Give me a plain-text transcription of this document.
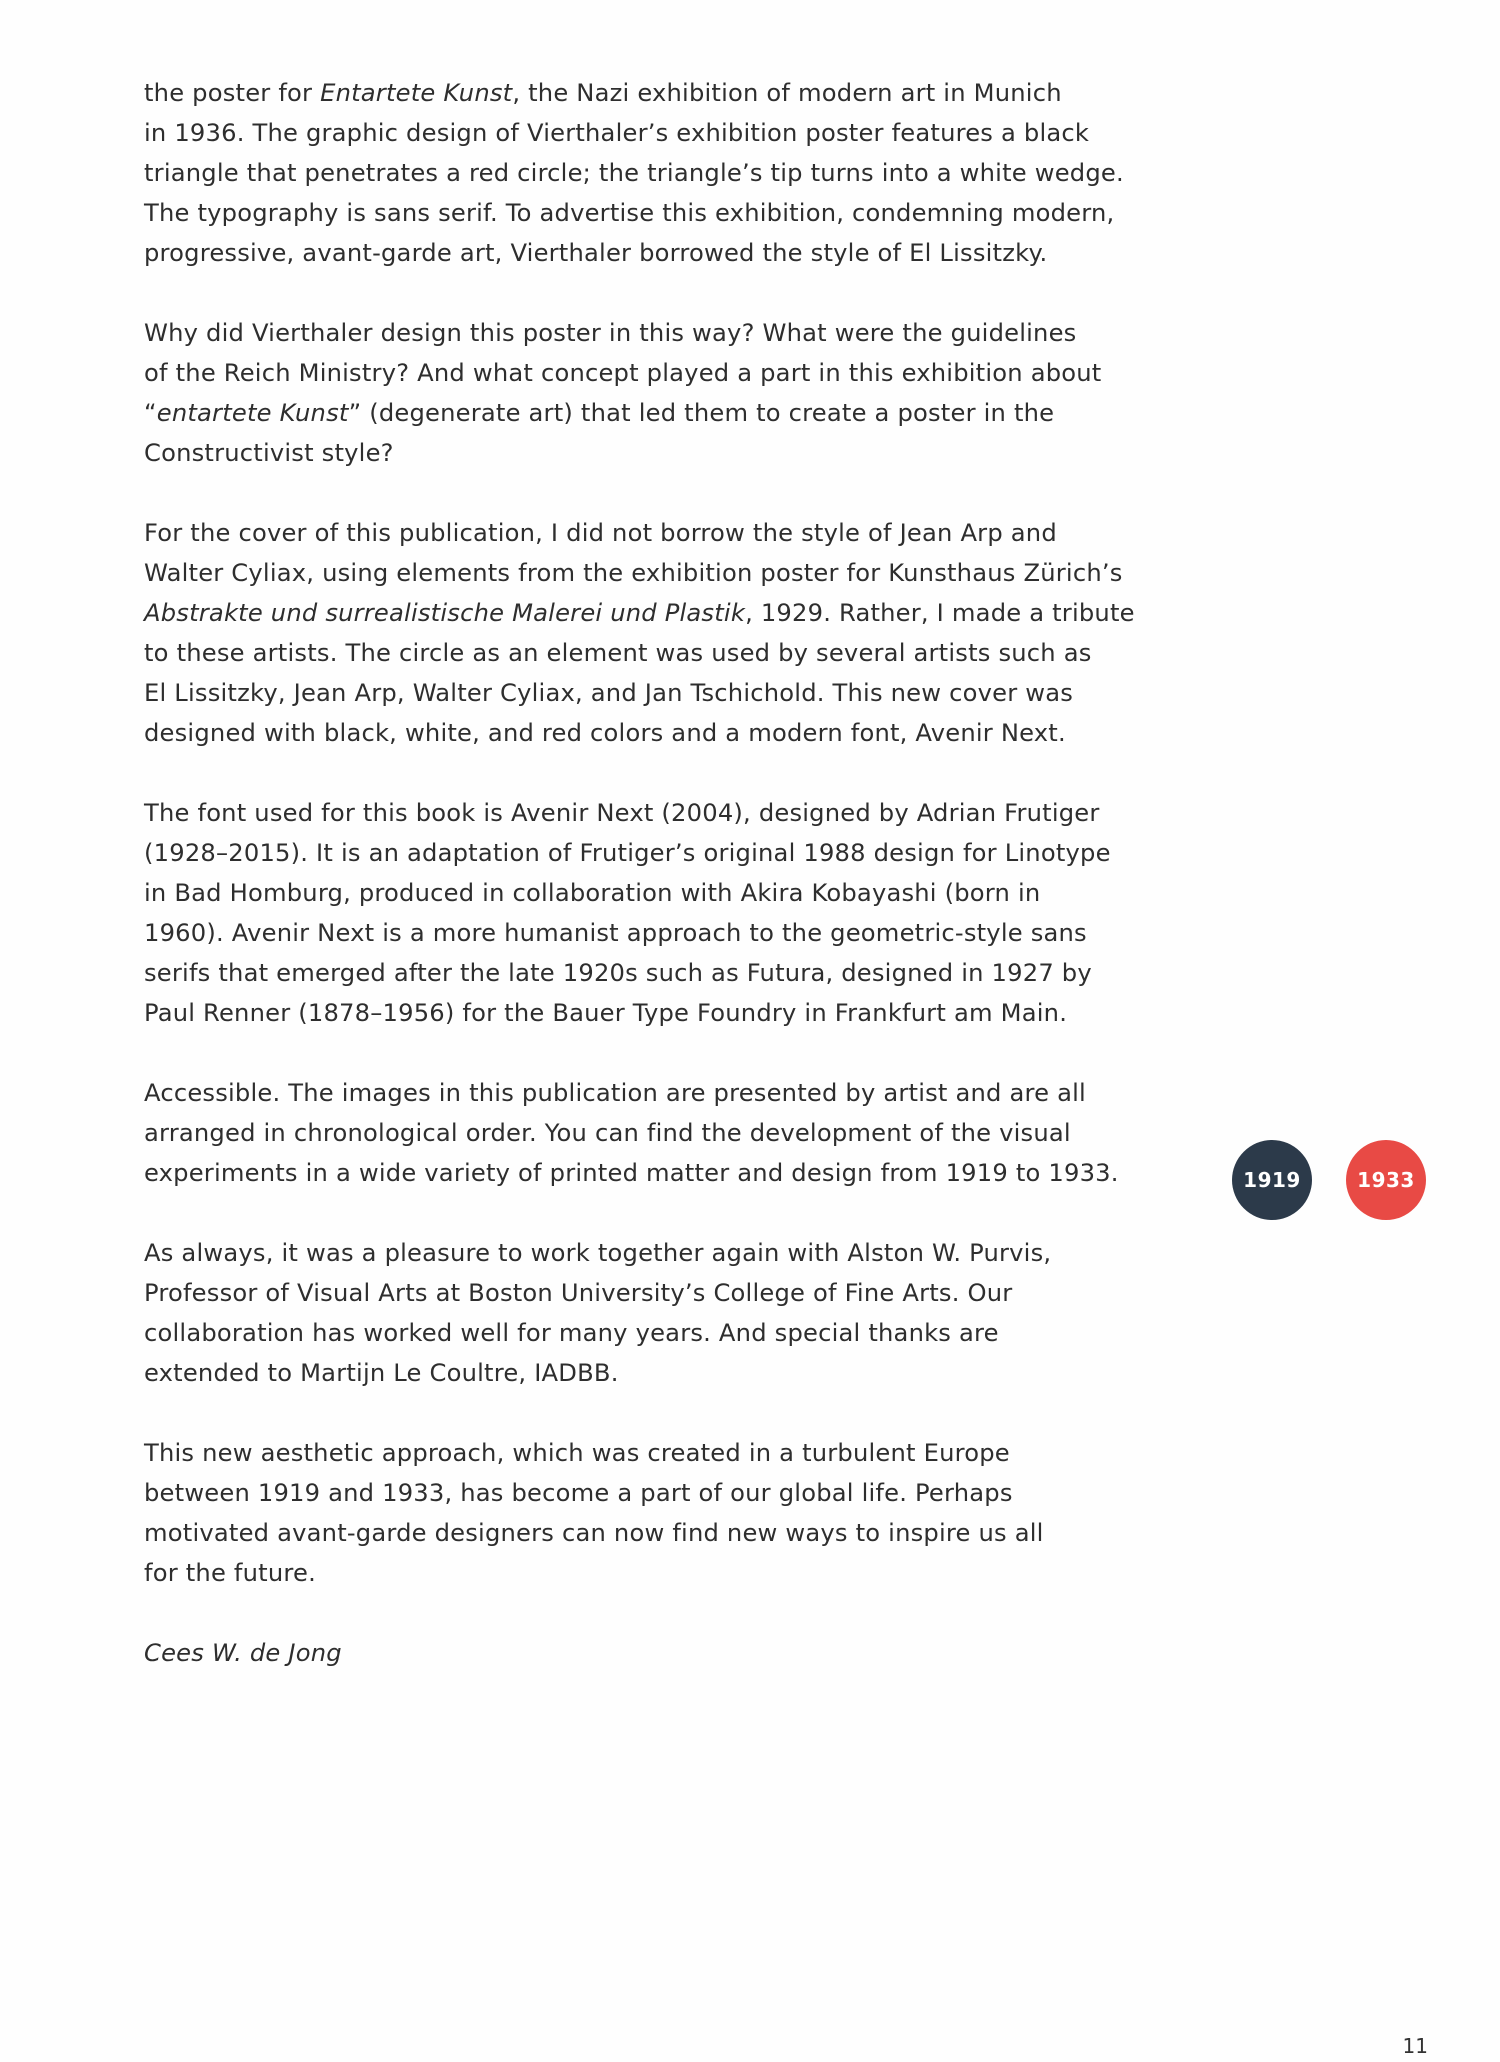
the poster for Entartete Kunst, the Nazi exhibition of modern art in Munich
in 1936. The graphic design of Vierthaler’s exhibition poster features a black
triangle that penetrates a red circle; the triangle’s tip turns into a white wedge.
The typography is sans serif. To advertise this exhibition, condemning modern,
progressive, avant-garde art, Vierthaler borrowed the style of El Lissitzky.

Why did Vierthaler design this poster in this way? What were the guidelines
of the Reich Ministry? And what concept played a part in this exhibition about
“entartete Kunst” (degenerate art) that led them to create a poster in the
Constructivist style?

For the cover of this publication, I did not borrow the style of Jean Arp and
Walter Cyliax, using elements from the exhibition poster for Kunsthaus Zürich’s
Abstrakte und surrealistische Malerei und Plastik, 1929. Rather, I made a tribute
to these artists. The circle as an element was used by several artists such as
El Lissitzky, Jean Arp, Walter Cyliax, and Jan Tschichold. This new cover was
designed with black, white, and red colors and a modern font, Avenir Next.

The font used for this book is Avenir Next (2004), designed by Adrian Frutiger
(1928–2015). It is an adaptation of Frutiger’s original 1988 design for Linotype
in Bad Homburg, produced in collaboration with Akira Kobayashi (born in
1960). Avenir Next is a more humanist approach to the geometric-style sans
serifs that emerged after the late 1920s such as Futura, designed in 1927 by
Paul Renner (1878–1956) for the Bauer Type Foundry in Frankfurt am Main.

Accessible. The images in this publication are presented by artist and are all
arranged in chronological order. You can find the development of the visual
experiments in a wide variety of printed matter and design from 1919 to 1933.

As always, it was a pleasure to work together again with Alston W. Purvis,
Professor of Visual Arts at Boston University’s College of Fine Arts. Our
collaboration has worked well for many years. And special thanks are
extended to Martijn Le Coultre, IADBB.

This new aesthetic approach, which was created in a turbulent Europe
between 1919 and 1933, has become a part of our global life. Perhaps
motivated avant-garde designers can now find new ways to inspire us all
for the future.

Cees W. de Jong

1919	1933
11
